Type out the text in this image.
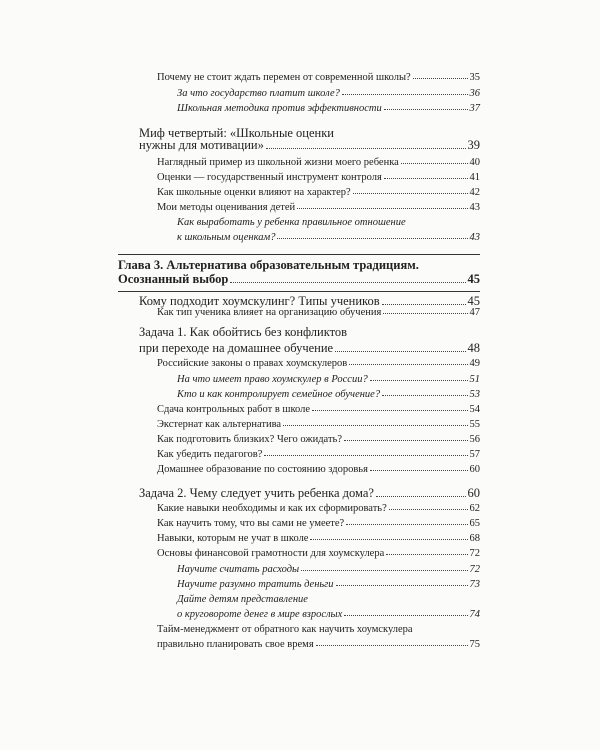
Почему не стоит ждать перемен от современной школы?	35
За что государство платит школе?	36
Школьная методика против эффективности	37
Миф четвертый: «Школьные оценки
нужны для мотивации»	39
Наглядный пример из школьной жизни моего ребенка	40
Оценки — государственный инструмент контроля	41
Как школьные оценки влияют на характер?	42
Мои методы оценивания детей	43
Как выработать у ребенка правильное отношение
к школьным оценкам?	43
Глава 3. Альтернатива образовательным традициям.
Осознанный выбор	45
Кому подходит хоумскулинг? Типы учеников	45
Как тип ученика влияет на организацию обучения	47
Задача 1. Как обойтись без конфликтов
при переходе на домашнее обучение	48
Российские законы о правах хоумскулеров	49
На что имеет право хоумскулер в России?	51
Кто и как контролирует семейное обучение?	53
Сдача контрольных работ в школе	54
Экстернат как альтернатива	55
Как подготовить близких? Чего ожидать?	56
Как убедить педагогов?	57
Домашнее образование по состоянию здоровья	60
Задача 2. Чему следует учить ребенка дома?	60
Какие навыки необходимы и как их сформировать?	62
Как научить тому, что вы сами не умеете?	65
Навыки, которым не учат в школе	68
Основы финансовой грамотности для хоумскулера	72
Научите считать расходы	72
Научите разумно тратить деньги	73
Дайте детям представление
о круговороте денег в мире взрослых	74
Тайм-менеджмент от обратного как научить хоумскулера
правильно планировать свое время	75
